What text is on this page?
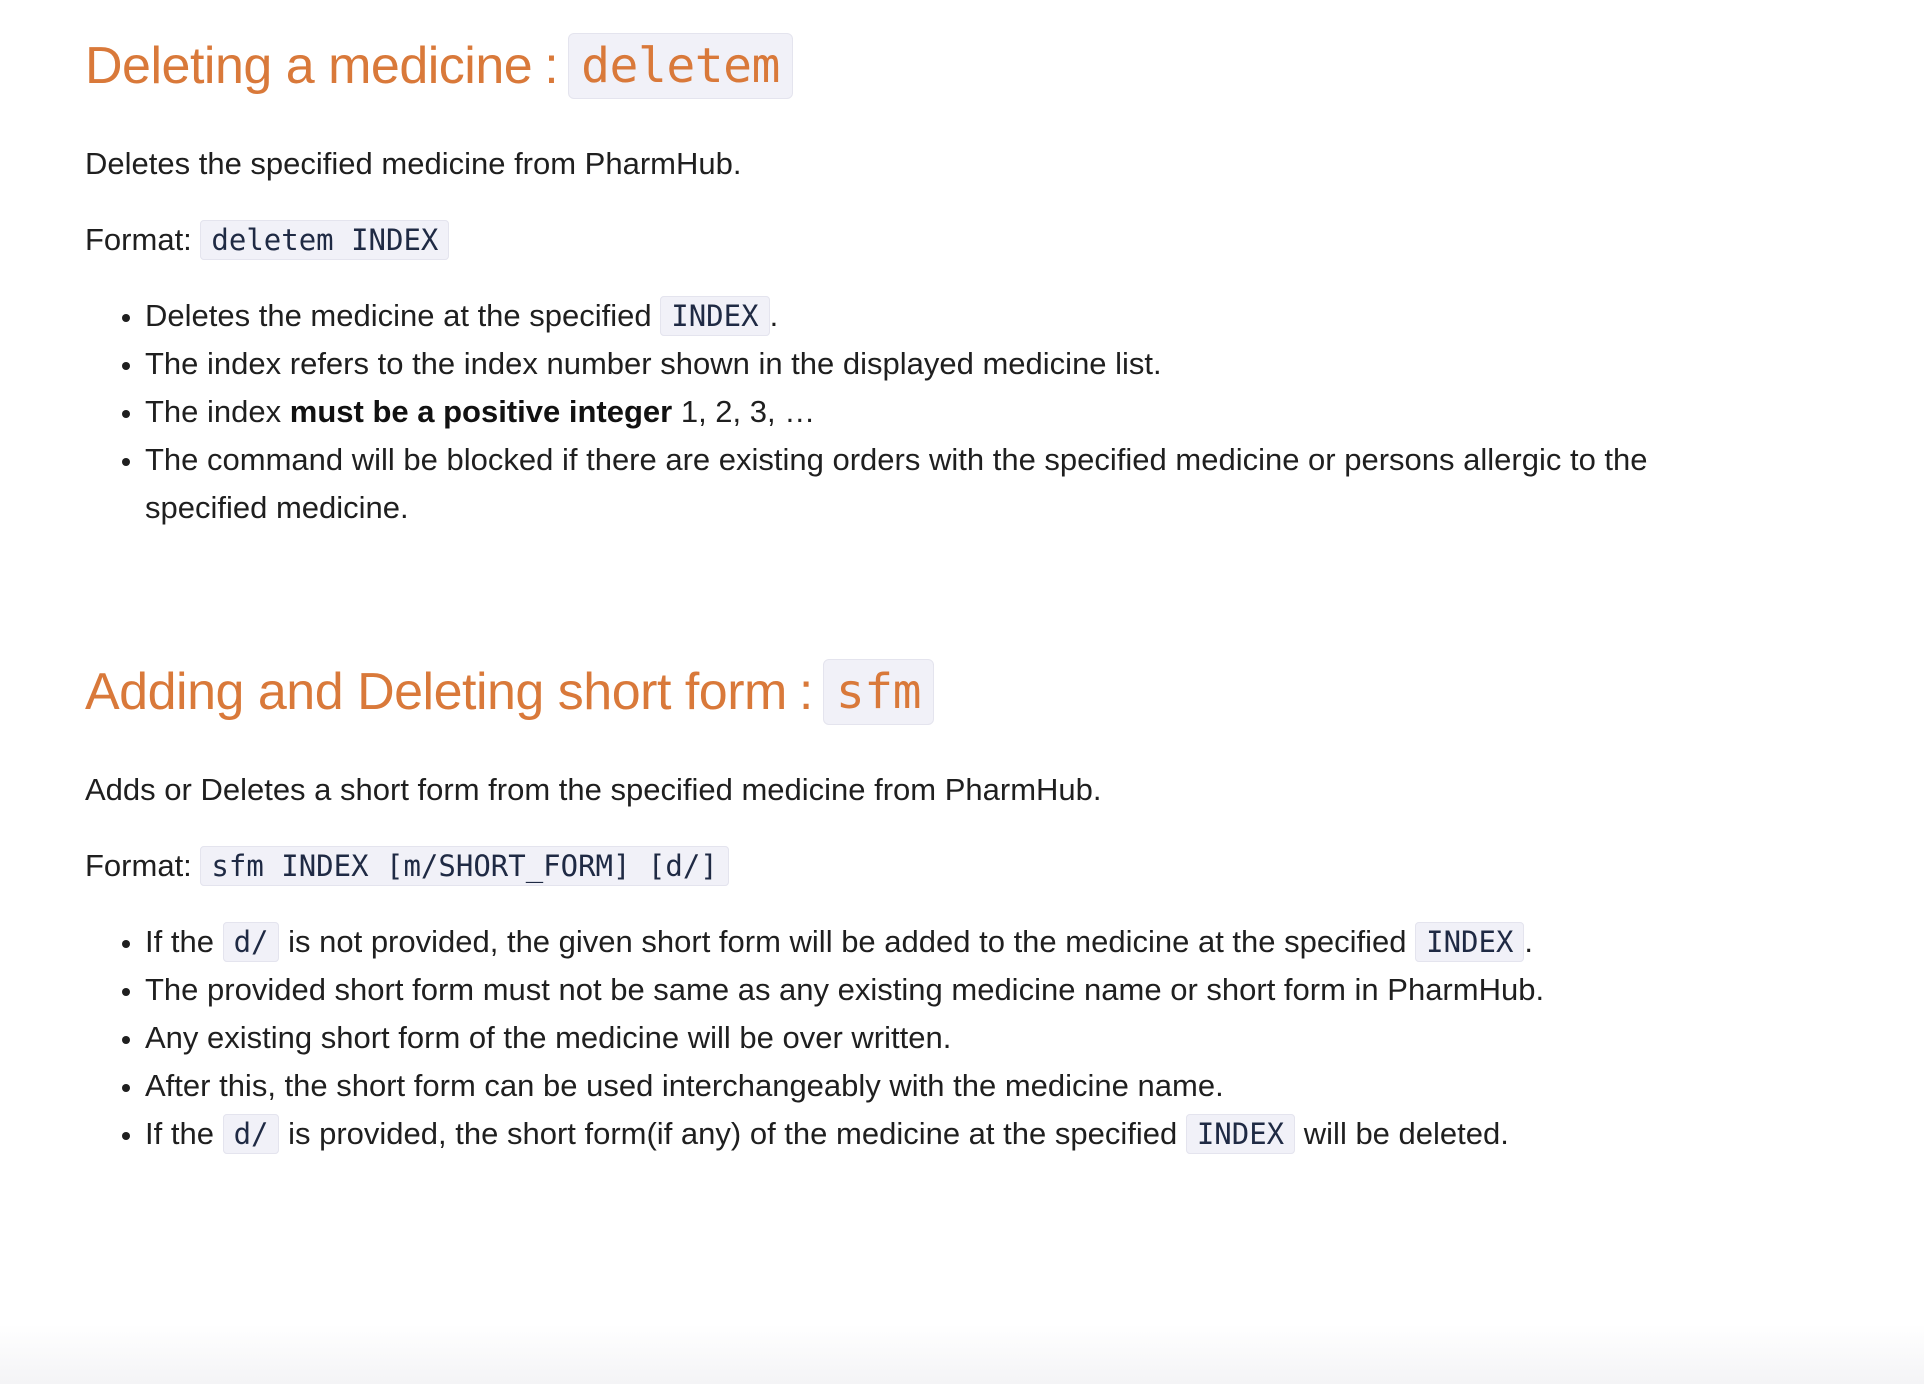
Deleting a medicine : deletem

Deletes the specified medicine from PharmHub.

Format: deletem INDEX

• Deletes the medicine at the specified INDEX .
• The index refers to the index number shown in the displayed medicine list.
• The index must be a positive integer 1, 2, 3, …
• The command will be blocked if there are existing orders with the specified medicine or persons allergic to the specified medicine.
Adding and Deleting short form : sfm

Adds or Deletes a short form from the specified medicine from PharmHub.

Format: sfm INDEX [m/SHORT_FORM] [d/]

• If the d/ is not provided, the given short form will be added to the medicine at the specified INDEX .
• The provided short form must not be same as any existing medicine name or short form in PharmHub.
• Any existing short form of the medicine will be over written.
• After this, the short form can be used interchangeably with the medicine name.
• If the d/ is provided, the short form(if any) of the medicine at the specified INDEX will be deleted.
